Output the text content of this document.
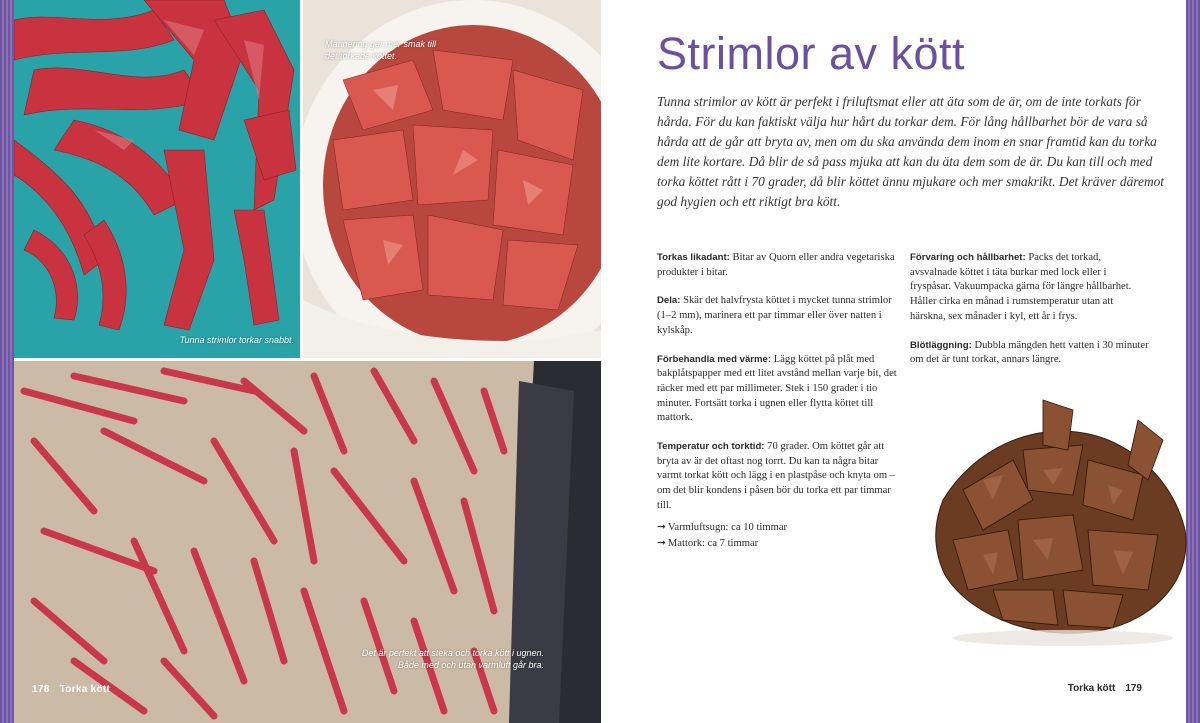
Tunna strimlor torkar snabbt.
Marinering ger mer smak till det torkade köttet.
Det är perfekt att steka och torka kött i ugnen. Både med och utan varmluft går bra.
178 Torka kött
Strimlor av kött

Tunna strimlor av kött är perfekt i friluftsmat eller att äta som de är, om de inte torkats för hårda. För du kan faktiskt välja hur hårt du torkar dem. För lång hållbarhet bör de vara så hårda att de går att bryta av, men om du ska använda dem inom en snar framtid kan du torka dem lite kortare. Då blir de så pass mjuka att kan du äta dem som de är. Du kan till och med torka köttet rått i 70 grader, då blir köttet ännu mjukare och mer smakrikt. Det kräver däremot god hygien och ett riktigt bra kött.

Torkas likadant: Bitar av Quorn eller andra vegetariska produkter i bitar.

Dela: Skär det halvfrysta köttet i mycket tunna strimlor (1–2 mm), marinera ett par timmar eller över natten i kylskåp.

Förbehandla med värme: Lägg köttet på plåt med bakplåtspapper med ett litet avstånd mellan varje bit, det räcker med ett par millimeter. Stek i 150 grader i tio minuter. Fortsätt torka i ugnen eller flytta köttet till mattork.

Temperatur och torktid: 70 grader. Om köttet går att bryta av är det oftast nog torrt. Du kan ta några bitar varmt torkat kött och lägg i en plastpåse och knyta om – om det blir kondens i påsen bör du torka ett par timmar till.

➞ Varmluftsugn: ca 10 timmar
➞ Mattork: ca 7 timmar

Förvaring och hållbarhet: Packs det torkad, avsvalnade köttet i täta burkar med lock eller i fryspåsar. Vakuumpacka gärna för längre hållbarhet. Håller cirka en månad i rumstemperatur utan att härskna, sex månader i kyl, ett år i frys.

Blötläggning: Dubbla mängden hett vatten i 30 minuter om det är tunt torkat, annars längre.

Torka kött 179
